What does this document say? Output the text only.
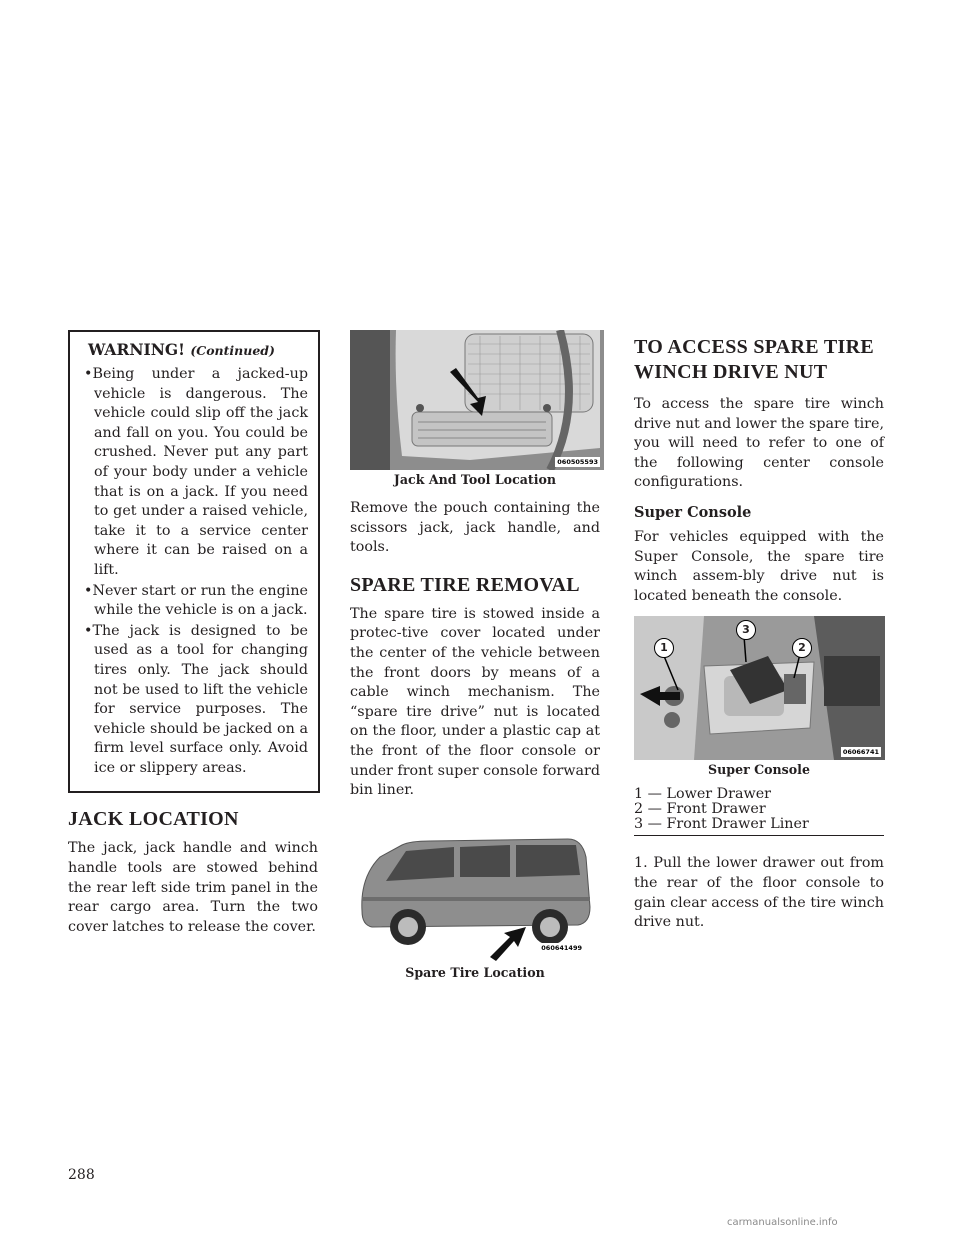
WARNING! (Continued)
• Being under a jacked-up vehicle is dangerous. The vehicle could slip off the jack and fall on you. You could be crushed. Never put any part of your body under a vehicle that is on a jack. If you need to get under a raised vehicle, take it to a service center where it can be raised on a lift.
• Never start or run the engine while the vehicle is on a jack.
• The jack is designed to be used as a tool for changing tires only. The jack should not be used to lift the vehicle for service purposes. The vehicle should be jacked on a firm level surface only. Avoid ice or slippery areas.
JACK LOCATION

The jack, jack handle and winch handle tools are stowed behind the rear left side trim panel in the rear cargo area. Turn the two cover latches to release the cover.

060505593
Jack And Tool Location

Remove the pouch containing the scissors jack, jack handle, and tools.

SPARE TIRE REMOVAL

The spare tire is stowed inside a protec-tive cover located under the center of the vehicle between the front doors by means of a cable winch mechanism. The “spare tire drive” nut is located on the floor, under a plastic cap at the front of the floor console or under front super console forward bin liner.

060641499
Spare Tire Location
TO ACCESS SPARE TIRE
WINCH DRIVE NUT

To access the spare tire winch drive nut and lower the spare tire, you will need to refer to one of the following center console configurations.

Super Console

For vehicles equipped with the Super Console, the spare tire winch assem-bly drive nut is located beneath the console.

1
3
2
06066741
Super Console
1 — Lower Drawer
2 — Front Drawer
3 — Front Drawer Liner

1. Pull the lower drawer out from the rear of the floor console to gain clear access of the tire winch drive nut.

288
carmanualsonline.info
